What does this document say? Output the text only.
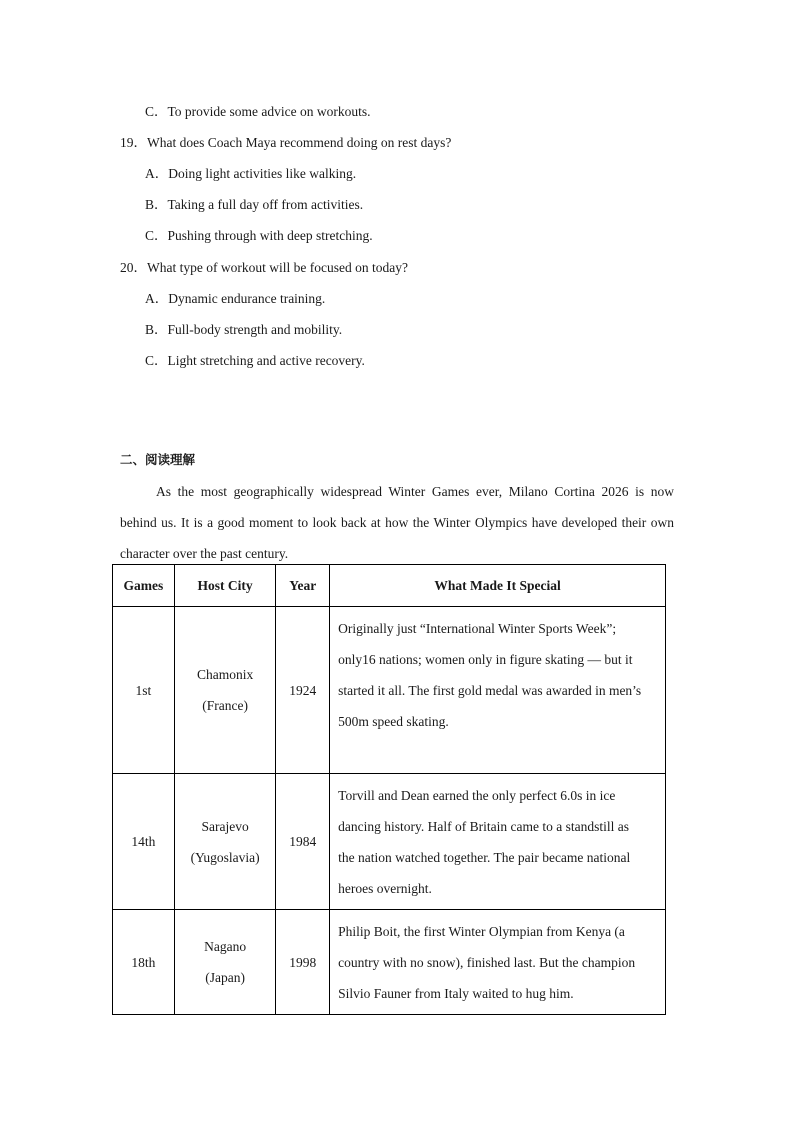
C．To provide some advice on workouts.
19．What does Coach Maya recommend doing on rest days?
A．Doing light activities like walking.
B．Taking a full day off from activities.
C．Pushing through with deep stretching.
20．What type of workout will be focused on today?
A．Dynamic endurance training.
B．Full-body strength and mobility.
C．Light stretching and active recovery.
二、阅读理解
As the most geographically widespread Winter Games ever, Milano Cortina 2026 is now behind us. It is a good moment to look back at how the Winter Olympics have developed their own character over the past century.
Games	Host City	Year	What Made It Special
1st	Chamonix
(France)	1924	Originally just “International Winter Sports Week”;
only16 nations; women only in figure skating — but it
started it all. The first gold medal was awarded in men’s
500m speed skating.

14th	Sarajevo
(Yugoslavia)	1984	Torvill and Dean earned the only perfect 6.0s in ice
dancing history. Half of Britain came to a standstill as
the nation watched together. The pair became national
heroes overnight.

18th	Nagano
(Japan)	1998	Philip Boit, the first Winter Olympian from Kenya (a
country with no snow), finished last. But the champion
Silvio Fauner from Italy waited to hug him.
